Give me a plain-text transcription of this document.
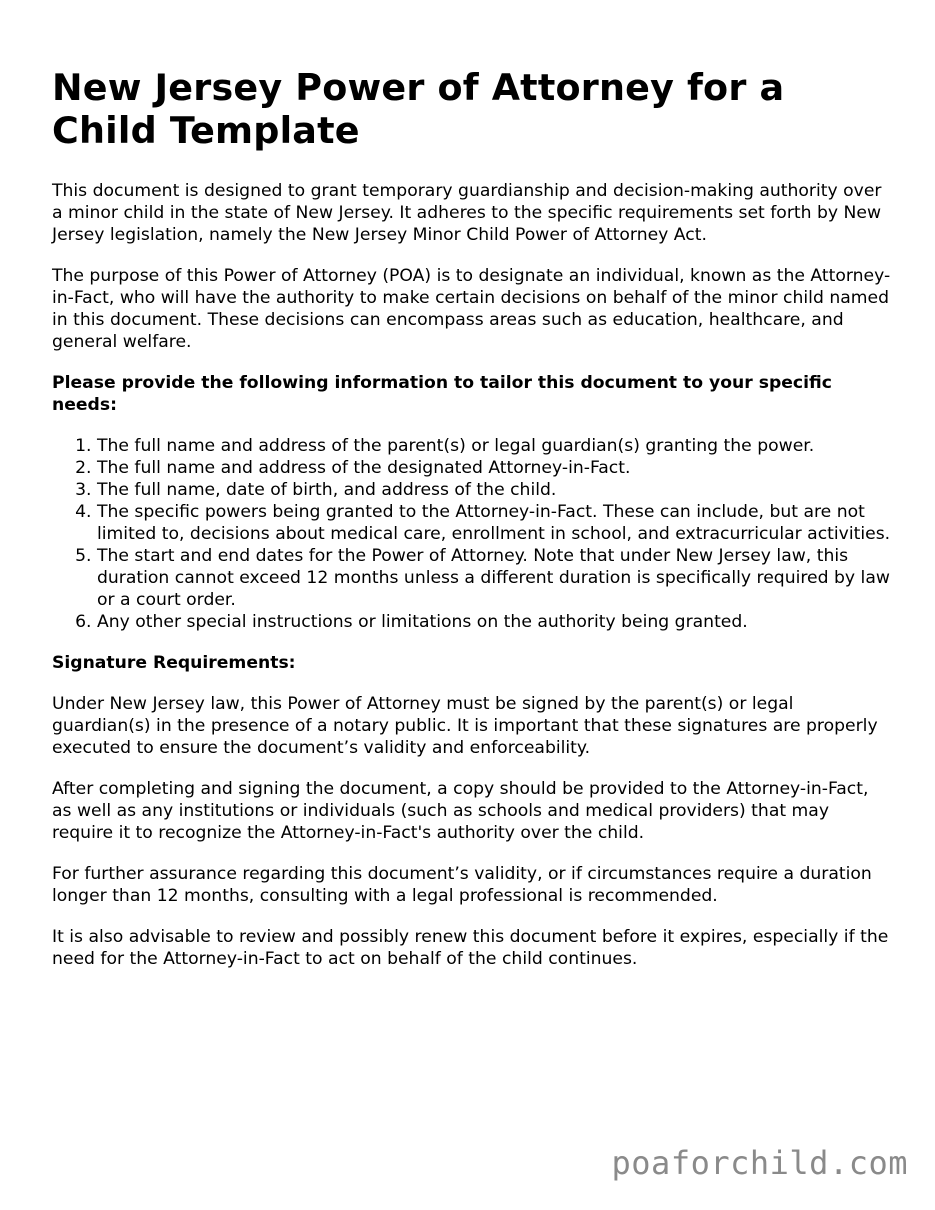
New Jersey Power of Attorney for a Child Template

This document is designed to grant temporary guardianship and decision-making authority over a minor child in the state of New Jersey. It adheres to the specific requirements set forth by New Jersey legislation, namely the New Jersey Minor Child Power of Attorney Act.

The purpose of this Power of Attorney (POA) is to designate an individual, known as the Attorney-in-Fact, who will have the authority to make certain decisions on behalf of the minor child named in this document. These decisions can encompass areas such as education, healthcare, and general welfare.

Please provide the following information to tailor this document to your specific needs:

1. The full name and address of the parent(s) or legal guardian(s) granting the power.
2. The full name and address of the designated Attorney-in-Fact.
3. The full name, date of birth, and address of the child.
4. The specific powers being granted to the Attorney-in-Fact. These can include, but are not limited to, decisions about medical care, enrollment in school, and extracurricular activities.
5. The start and end dates for the Power of Attorney. Note that under New Jersey law, this duration cannot exceed 12 months unless a different duration is specifically required by law or a court order.
6. Any other special instructions or limitations on the authority being granted.

Signature Requirements:

Under New Jersey law, this Power of Attorney must be signed by the parent(s) or legal guardian(s) in the presence of a notary public. It is important that these signatures are properly executed to ensure the document’s validity and enforceability.

After completing and signing the document, a copy should be provided to the Attorney-in-Fact, as well as any institutions or individuals (such as schools and medical providers) that may require it to recognize the Attorney-in-Fact's authority over the child.

For further assurance regarding this document’s validity, or if circumstances require a duration longer than 12 months, consulting with a legal professional is recommended.

It is also advisable to review and possibly renew this document before it expires, especially if the need for the Attorney-in-Fact to act on behalf of the child continues.

poaforchild.com
